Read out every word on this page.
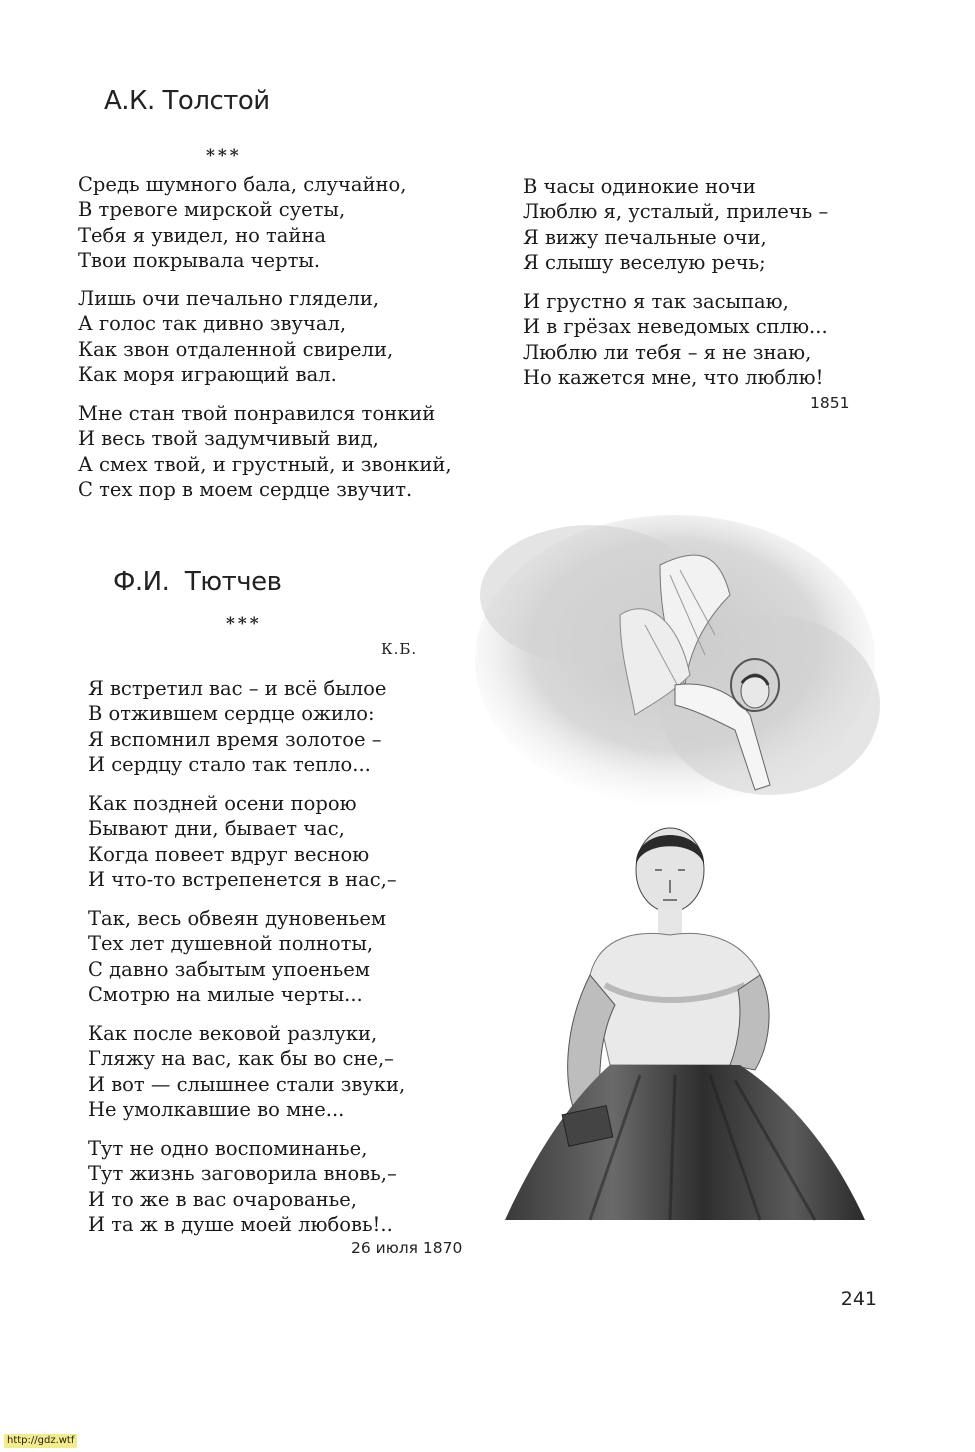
А.К. Толстой
***
Средь шумного бала, случайно,
В тревоге мирской суеты,
Тебя я увидел, но тайна
Твои покрывала черты.
Лишь очи печально глядели,
А голос так дивно звучал,
Как звон отдаленной свирели,
Как моря играющий вал.
Мне стан твой понравился тонкий
И весь твой задумчивый вид,
А смех твой, и грустный, и звонкий,
С тех пор в моем сердце звучит.
В часы одинокие ночи
Люблю я, усталый, прилечь –
Я вижу печальные очи,
Я слышу веселую речь;
И грустно я так засыпаю,
И в грёзах неведомых сплю...
Люблю ли тебя – я не знаю,
Но кажется мне, что люблю!
1851
Ф.И.  Тютчев
***
К.Б.
Я встретил вас – и всё былое
В отжившем сердце ожило:
Я вспомнил время золотое –
И сердцу стало так тепло...
Как поздней осени порою
Бывают дни, бывает час,
Когда повеет вдруг весною
И что-то встрепенется в нас,–
Так, весь обвеян дуновеньем
Тех лет душевной полноты,
С давно забытым упоеньем
Смотрю на милые черты...
Как после вековой разлуки,
Гляжу на вас, как бы во сне,–
И вот — слышнее стали звуки,
Не умолкавшие во мне...
Тут не одно воспоминанье,
Тут жизнь заговорила вновь,–
И то же в вас очарованье,
И та ж в душе моей любовь!..
26 июля 1870
241
http://gdz.wtf
